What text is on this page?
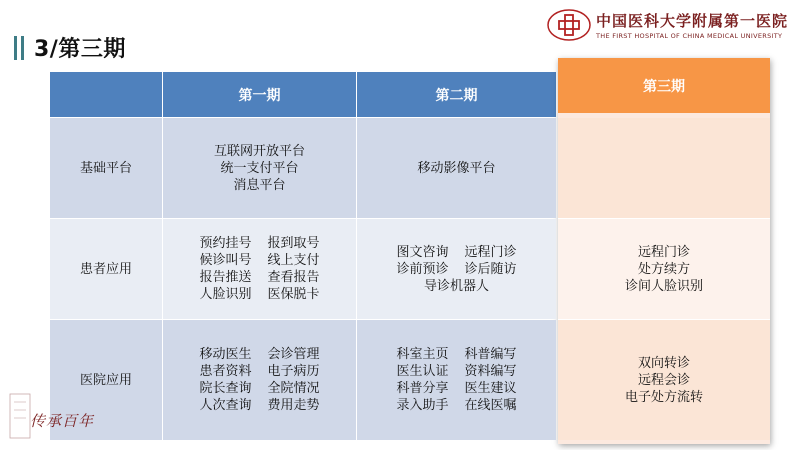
3/第三期
中国医科大学附属第一医院
THE FIRST HOSPITAL OF CHINA MEDICAL UNIVERSITY
第一期	第二期
第三期
基础平台
互联网开放平台
统一支付平台
消息平台
移动影像平台
患者应用
预约挂号 报到取号
候诊叫号 线上支付
报告推送 查看报告
人脸识别 医保脱卡
图文咨询 远程门诊
诊前预诊 诊后随访
导诊机器人
远程门诊
处方续方
诊间人脸识别
医院应用
移动医生 会诊管理
患者资料 电子病历
院长查询 全院情况
人次查询 费用走势
科室主页 科普编写
医生认证 资料编写
科普分享 医生建议
录入助手 在线医嘱
双向转诊
远程会诊
电子处方流转
传承百年
